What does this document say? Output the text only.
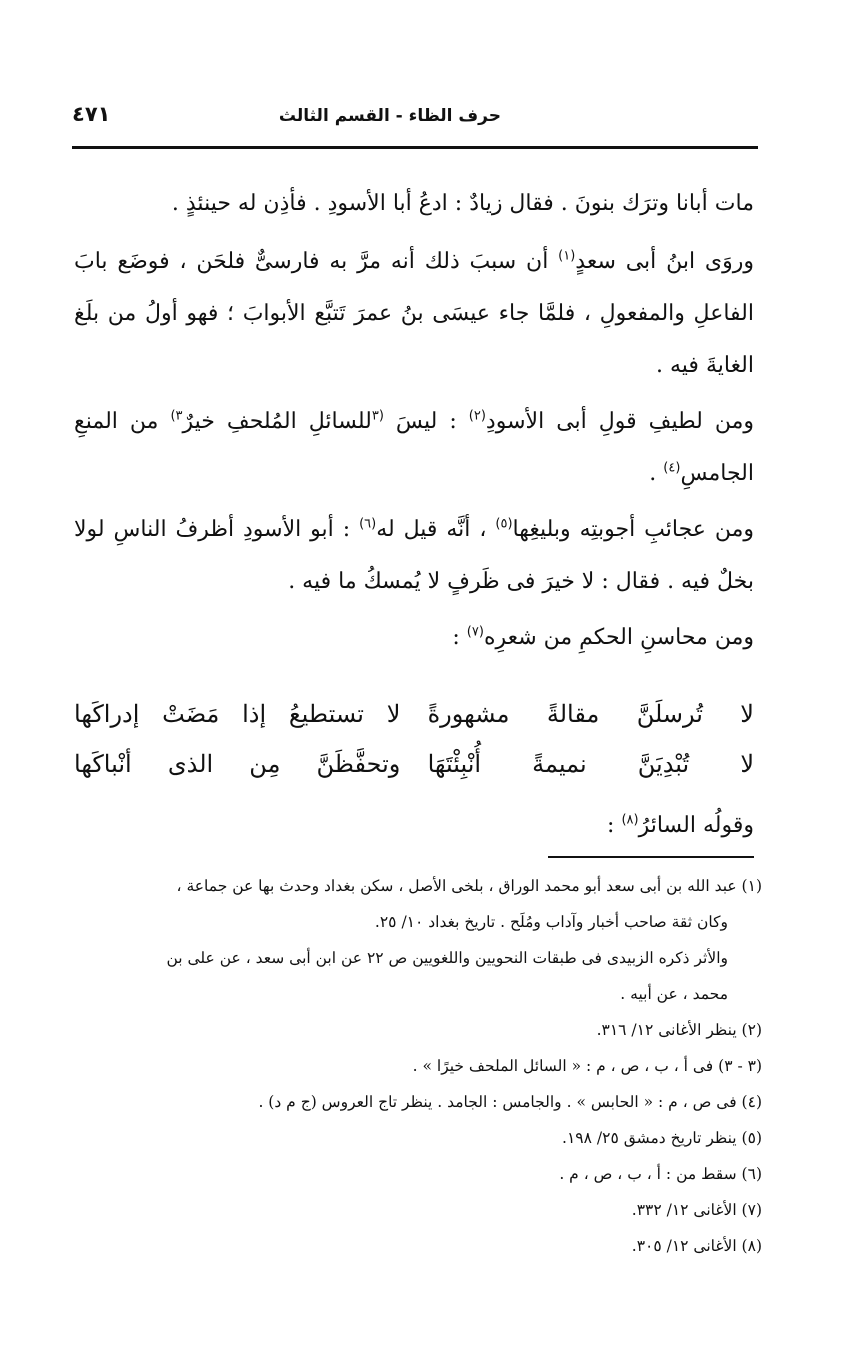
حرف الظاء - القسم الثالث
٤٧١

مات أبانا وترَك بنونَ . فقال زيادٌ : ادعُ أبا الأسودِ . فأذِن له حينئذٍ .

وروَى ابنُ أبى سعدٍ$^{(١)}$ أن سببَ ذلك أنه مرَّ به فارسىٌّ فلحَن ، فوضَع بابَ الفاعلِ والمفعولِ ، فلمَّا جاء عيسَى بنُ عمرَ تَتبَّع الأبوابَ ؛ فهو أولُ من بلَغ الغايةَ فيه .

ومن لطيفِ قولِ أبى الأسودِ$^{(٢)}$ : ليسَ $^{(٣}$للسائلِ المُلحفِ خيرٌ$^{٣)}$ من المنعِ الجامسِ$^{(٤)}$ .

ومن عجائبِ أجوبتِه وبليغِها$^{(٥)}$ ، أنَّه قيل له$^{(٦)}$ : أبو الأسودِ أظرفُ الناسِ لولا بخلٌ فيه . فقال : لا خيرَ فى ظَرفٍ لا يُمسكُ ما فيه .

ومن محاسنِ الحكمِ من شعرِه$^{(٧)}$ :

لا تُرسلَنَّ مقالةً مشهورةً
لا تستطيعُ إذا مَضَتْ إدراكَها
لا تُبْدِيَنَّ نميمةً أُنْبِئْتَهَا
وتحفَّظَنَّ مِن الذى أنْباكَها
وقولُه السائرُ$^{(٨)}$ :

(١) عبد الله بن أبى سعد أبو محمد الوراق ، بلخى الأصل ، سكن بغداد وحدث بها عن جماعة ،

وكان ثقة صاحب أخبار وآداب ومُلَح . تاريخ بغداد ١٠/ ٢٥.

والأثر ذكره الزبيدى فى طبقات النحويين واللغويين ص ٢٢ عن ابن أبى سعد ، عن على بن

محمد ، عن أبيه .

(٢) ينظر الأغانى ١٢/ ٣١٦.

(٣ - ٣) فى أ ، ب ، ص ، م : « السائل الملحف خيرًا » .

(٤) فى ص ، م : « الحابس » . والجامس : الجامد . ينظر تاج العروس (ج م د) .

(٥) ينظر تاريخ دمشق ٢٥/ ١٩٨.

(٦) سقط من : أ ، ب ، ص ، م .

(٧) الأغانى ١٢/ ٣٣٢.

(٨) الأغانى ١٢/ ٣٠٥.
